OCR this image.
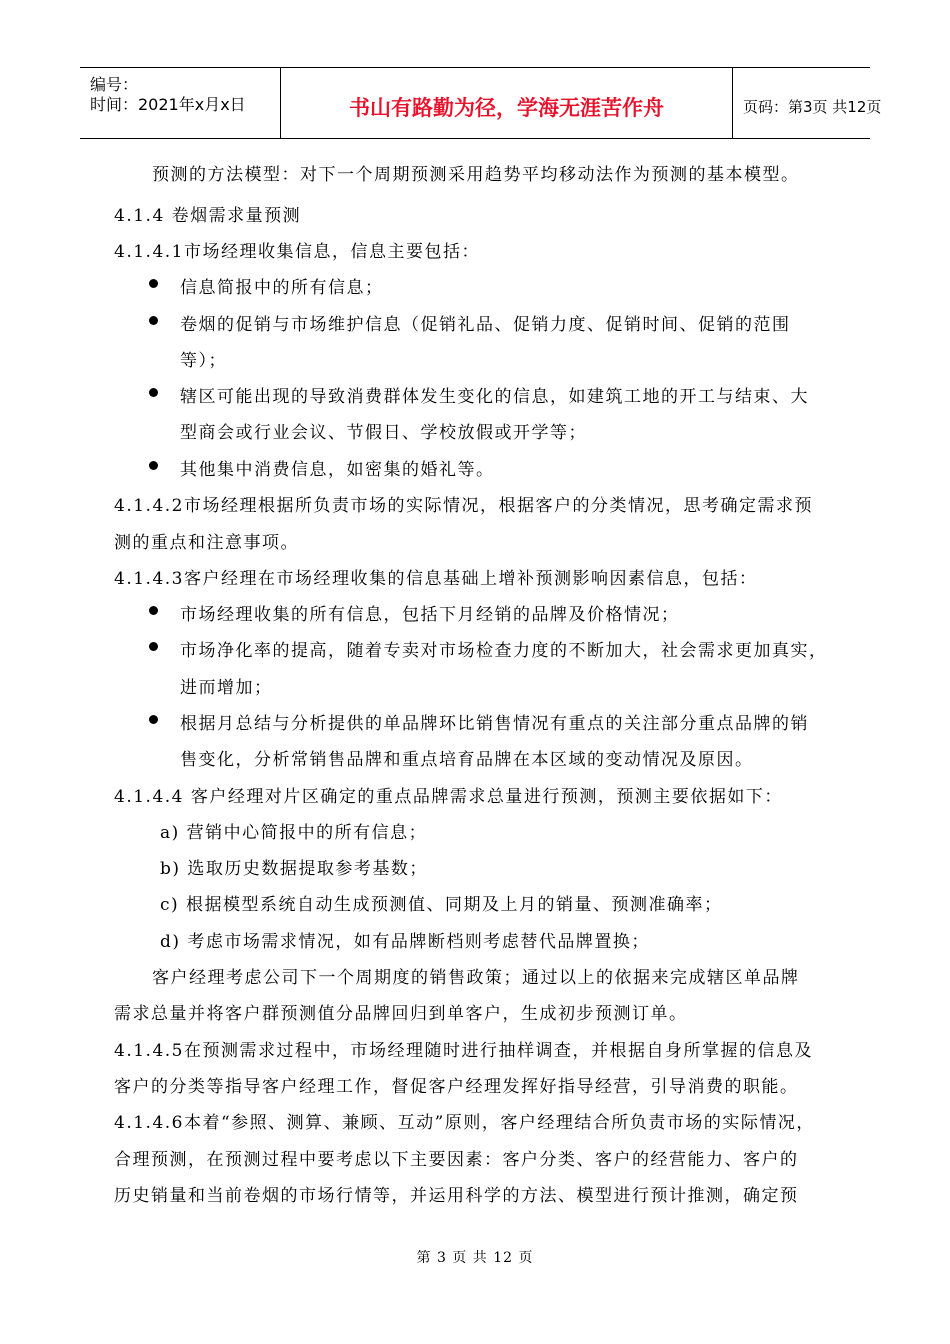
编号：
时间：2021年x月x日	书山有路勤为径，学海无涯苦作舟	页码：第3页 共12页
预测的方法模型：对下一个周期预测采用趋势平均移动法作为预测的基本模型。
4.1.4 卷烟需求量预测
4.1.4.1市场经理收集信息，信息主要包括：
信息简报中的所有信息；
卷烟的促销与市场维护信息（促销礼品、促销力度、促销时间、促销的范围
等）；
辖区可能出现的导致消费群体发生变化的信息，如建筑工地的开工与结束、大
型商会或行业会议、节假日、学校放假或开学等；
其他集中消费信息，如密集的婚礼等。
4.1.4.2市场经理根据所负责市场的实际情况，根据客户的分类情况，思考确定需求预
测的重点和注意事项。
4.1.4.3客户经理在市场经理收集的信息基础上增补预测影响因素信息，包括：
市场经理收集的所有信息，包括下月经销的品牌及价格情况；
市场净化率的提高，随着专卖对市场检查力度的不断加大，社会需求更加真实，
进而增加；
根据月总结与分析提供的单品牌环比销售情况有重点的关注部分重点品牌的销
售变化，分析常销售品牌和重点培育品牌在本区域的变动情况及原因。
4.1.4.4 客户经理对片区确定的重点品牌需求总量进行预测，预测主要依据如下：
a) 营销中心简报中的所有信息；
b) 选取历史数据提取参考基数；
c) 根据模型系统自动生成预测值、同期及上月的销量、预测准确率；
d) 考虑市场需求情况，如有品牌断档则考虑替代品牌置换；
客户经理考虑公司下一个周期度的销售政策；通过以上的依据来完成辖区单品牌
需求总量并将客户群预测值分品牌回归到单客户，生成初步预测订单。
4.1.4.5在预测需求过程中，市场经理随时进行抽样调查，并根据自身所掌握的信息及
客户的分类等指导客户经理工作，督促客户经理发挥好指导经营，引导消费的职能。
4.1.4.6本着“参照、测算、兼顾、互动”原则，客户经理结合所负责市场的实际情况，
合理预测，在预测过程中要考虑以下主要因素：客户分类、客户的经营能力、客户的
历史销量和当前卷烟的市场行情等，并运用科学的方法、模型进行预计推测，确定预
第 3 页 共 12 页
